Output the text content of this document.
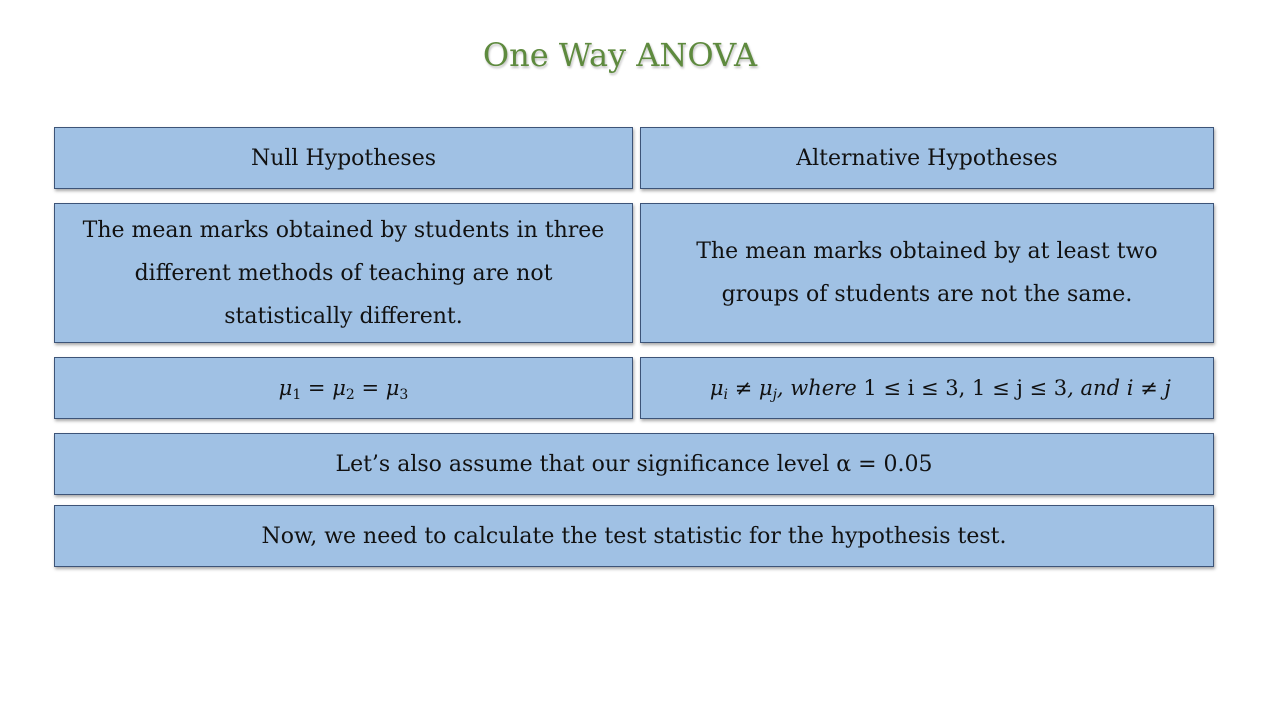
One Way ANOVA
Null Hypotheses	Alternative Hypotheses
The mean marks obtained by students in three different methods of teaching are not statistically different.
The mean marks obtained by at least two groups of students are not the same.
$\mu_1 = \mu_2 = \mu_3$	$\mu_i \ne \mu_j$, where 1 ≤ i ≤ 3, 1 ≤ j ≤ 3, and i ≠ j

Let’s also assume that our significance level α = 0.05
Now, we need to calculate the test statistic for the hypothesis test.
